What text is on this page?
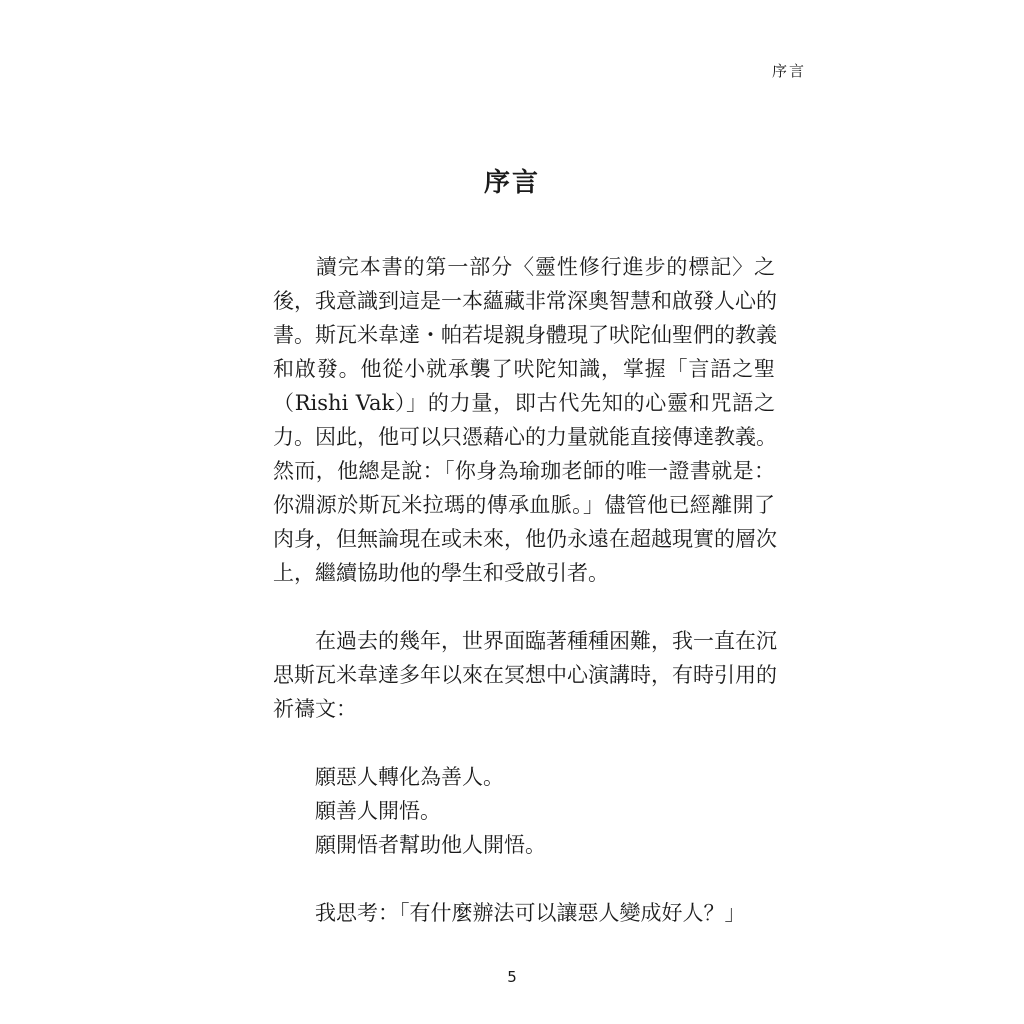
序言
序言
讀完本書的第一部分〈靈性修行進步的標記〉之
後，我意識到這是一本蘊藏非常深奧智慧和啟發人心的
書。斯瓦米韋達・帕若堤親身體現了吠陀仙聖們的教義
和啟發。他從小就承襲了吠陀知識，掌握「言語之聖
（Rishi Vak）」的力量，即古代先知的心靈和咒語之
力。因此，他可以只憑藉心的力量就能直接傳達教義。
然而，他總是說：「你身為瑜珈老師的唯一證書就是：
你淵源於斯瓦米拉瑪的傳承血脈。」儘管他已經離開了
肉身，但無論現在或未來，他仍永遠在超越現實的層次
上，繼續協助他的學生和受啟引者。
在過去的幾年，世界面臨著種種困難，我一直在沉
思斯瓦米韋達多年以來在冥想中心演講時，有時引用的
祈禱文：
願惡人轉化為善人。
願善人開悟。
願開悟者幫助他人開悟。
我思考：「有什麼辦法可以讓惡人變成好人？」
5
